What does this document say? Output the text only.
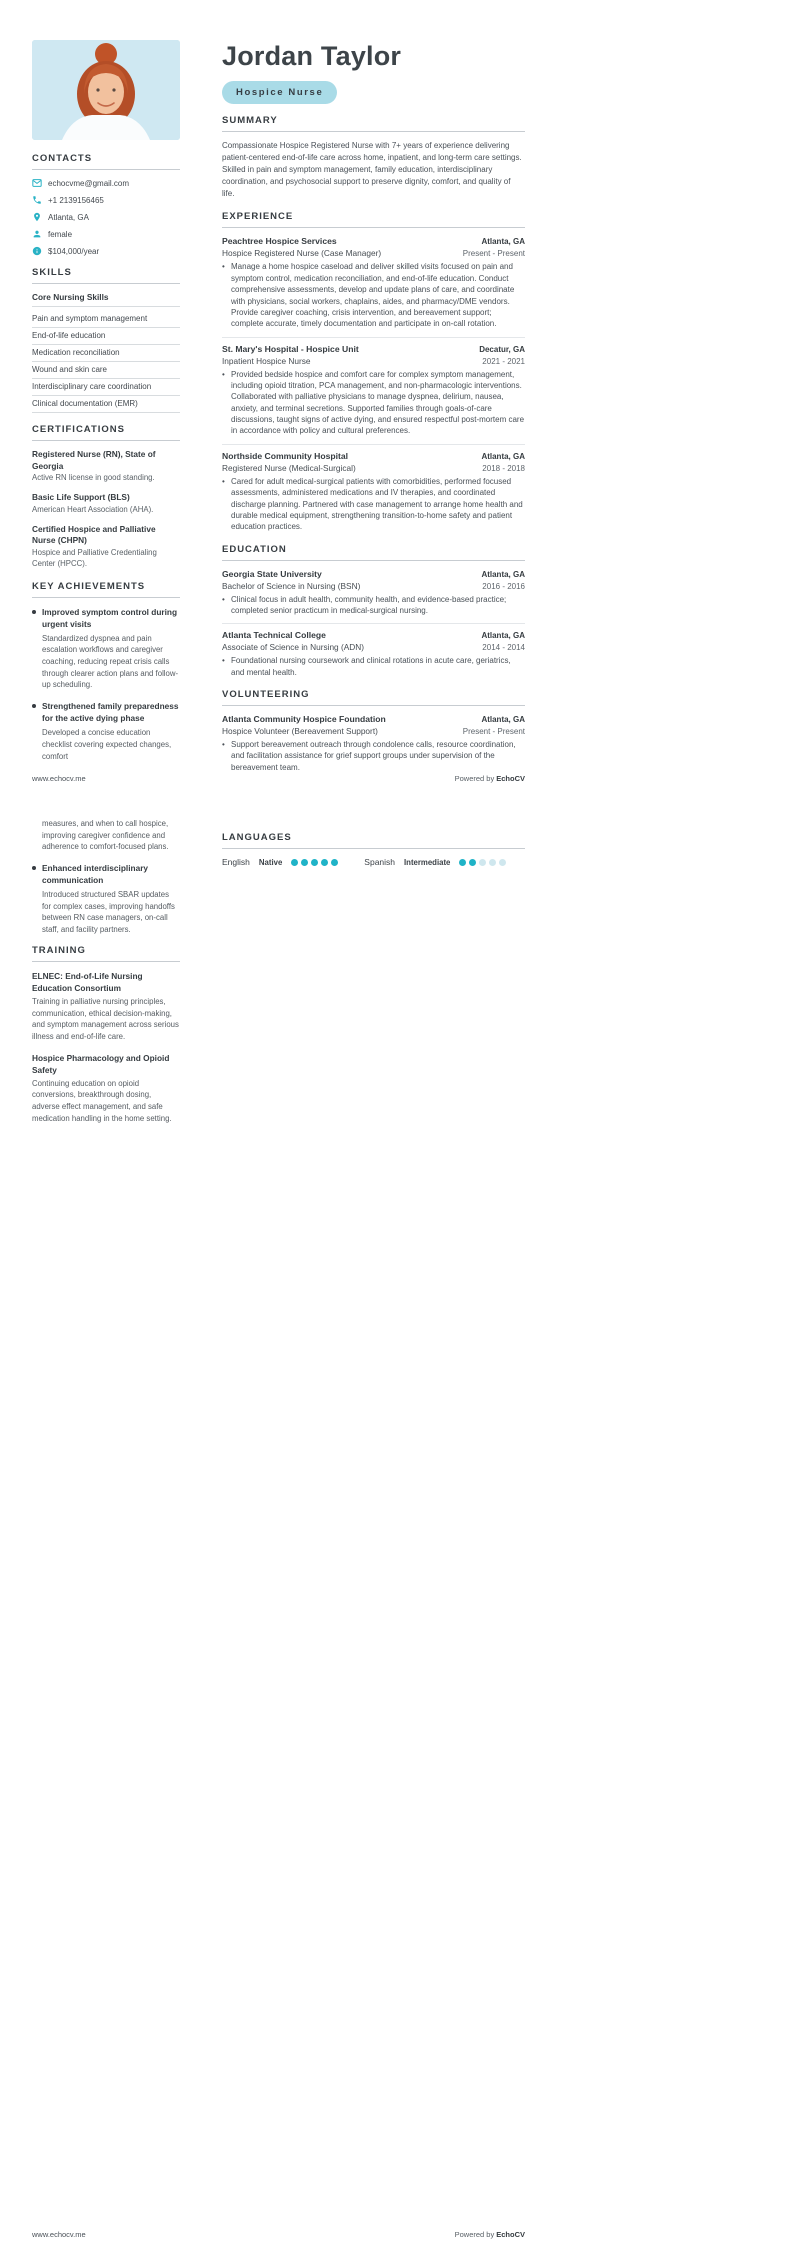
CONTACTS
echocvme@gmail.com
+1 2139156465
Atlanta, GA
female
$104,000/year
SKILLS
Core Nursing Skills
Pain and symptom management
End-of-life education
Medication reconciliation
Wound and skin care
Interdisciplinary care coordination
Clinical documentation (EMR)
CERTIFICATIONS
Registered Nurse (RN), State of Georgia
Active RN license in good standing.
Basic Life Support (BLS)
American Heart Association (AHA).
Certified Hospice and Palliative Nurse (CHPN)
Hospice and Palliative Credentialing Center (HPCC).
KEY ACHIEVEMENTS
Improved symptom control during urgent visits
Standardized dyspnea and pain escalation workflows and caregiver coaching, reducing repeat crisis calls through clearer action plans and follow-up scheduling.
Strengthened family preparedness for the active dying phase
Developed a concise education checklist covering expected changes, comfort
Jordan Taylor
Hospice Nurse
SUMMARY

Compassionate Hospice Registered Nurse with 7+ years of experience delivering patient-centered end-of-life care across home, inpatient, and long-term care settings. Skilled in pain and symptom management, family education, interdisciplinary coordination, and psychosocial support to preserve dignity, comfort, and quality of life.

EXPERIENCE
Peachtree Hospice Services	Atlanta, GA
Hospice Registered Nurse (Case Manager)	Present - Present
•
Manage a home hospice caseload and deliver skilled visits focused on pain and symptom control, medication reconciliation, and end-of-life education. Conduct comprehensive assessments, develop and update plans of care, and coordinate with physicians, social workers, chaplains, aides, and pharmacy/DME vendors. Provide caregiver coaching, crisis intervention, and bereavement support; complete accurate, timely documentation and participate in on-call rotation.
St. Mary's Hospital - Hospice Unit	Decatur, GA
Inpatient Hospice Nurse	2021 - 2021
•
Provided bedside hospice and comfort care for complex symptom management, including opioid titration, PCA management, and non-pharmacologic interventions. Collaborated with palliative physicians to manage dyspnea, delirium, nausea, anxiety, and terminal secretions. Supported families through goals-of-care discussions, taught signs of active dying, and ensured respectful post-mortem care in accordance with policy and cultural preferences.
Northside Community Hospital	Atlanta, GA
Registered Nurse (Medical-Surgical)	2018 - 2018
•
Cared for adult medical-surgical patients with comorbidities, performed focused assessments, administered medications and IV therapies, and coordinated discharge planning. Partnered with case management to arrange home health and durable medical equipment, strengthening transition-to-home safety and patient education practices.
EDUCATION
Georgia State University	Atlanta, GA
Bachelor of Science in Nursing (BSN)	2016 - 2016
•
Clinical focus in adult health, community health, and evidence-based practice; completed senior practicum in medical-surgical nursing.
Atlanta Technical College	Atlanta, GA
Associate of Science in Nursing (ADN)	2014 - 2014
•
Foundational nursing coursework and clinical rotations in acute care, geriatrics, and mental health.
VOLUNTEERING
Atlanta Community Hospice Foundation	Atlanta, GA
Hospice Volunteer (Bereavement Support)	Present - Present
•
Support bereavement outreach through condolence calls, resource coordination, and facilitation assistance for grief support groups under supervision of the bereavement team.
www.echocv.me	Powered by EchoCV
measures, and when to call hospice, improving caregiver confidence and adherence to comfort-focused plans.
Enhanced interdisciplinary communication
Introduced structured SBAR updates for complex cases, improving handoffs between RN case managers, on-call staff, and facility partners.
TRAINING
ELNEC: End-of-Life Nursing Education Consortium
Training in palliative nursing principles, communication, ethical decision-making, and symptom management across serious illness and end-of-life care.
Hospice Pharmacology and Opioid Safety
Continuing education on opioid conversions, breakthrough dosing, adverse effect management, and safe medication handling in the home setting.
LANGUAGES
English Native	Spanish Intermediate
www.echocv.me	Powered by EchoCV
